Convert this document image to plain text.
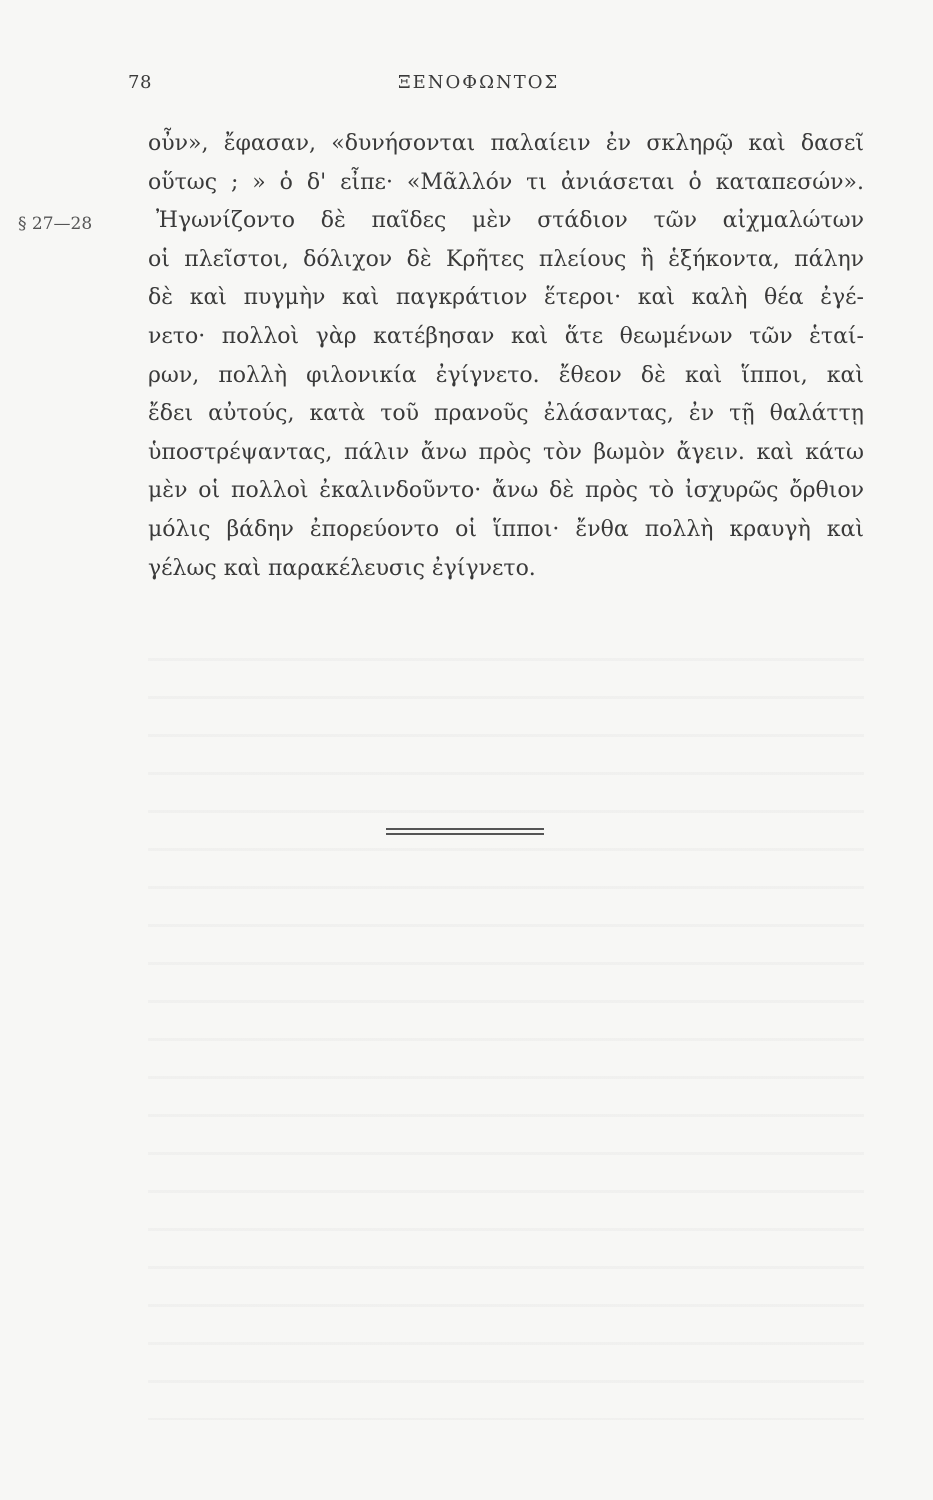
78	ΞΕΝΟΦΩΝΤΟΣ
§ 27—28
οὖν», ἔφασαν, «δυνήσονται παλαίειν ἐν σκληρῷ καὶ δασεῖ
οὕτως ; » ὁ δ' εἶπε· «Μᾶλλόν τι ἀνιάσεται ὁ καταπεσών».
Ἠγωνίζοντο δὲ παῖδες μὲν στάδιον τῶν αἰχμαλώτων
οἱ πλεῖστοι, δόλιχον δὲ Κρῆτες πλείους ἢ ἑξήκοντα, πάλην
δὲ καὶ πυγμὴν καὶ παγκράτιον ἕτεροι· καὶ καλὴ θέα ἐγέ-
νετο· πολλοὶ γὰρ κατέβησαν καὶ ἅτε θεωμένων τῶν ἑταί-
ρων, πολλὴ φιλονικία ἐγίγνετο. ἔθεον δὲ καὶ ἵπποι, καὶ
ἔδει αὐτούς, κατὰ τοῦ πρανοῦς ἐλάσαντας, ἐν τῇ θαλάττῃ
ὑποστρέψαντας, πάλιν ἄνω πρὸς τὸν βωμὸν ἄγειν. καὶ κάτω
μὲν οἱ πολλοὶ ἐκαλινδοῦντο· ἄνω δὲ πρὸς τὸ ἰσχυρῶς ὄρθιον
μόλις βάδην ἐπορεύοντο οἱ ἵπποι· ἔνθα πολλὴ κραυγὴ καὶ
γέλως καὶ παρακέλευσις ἐγίγνετο.
